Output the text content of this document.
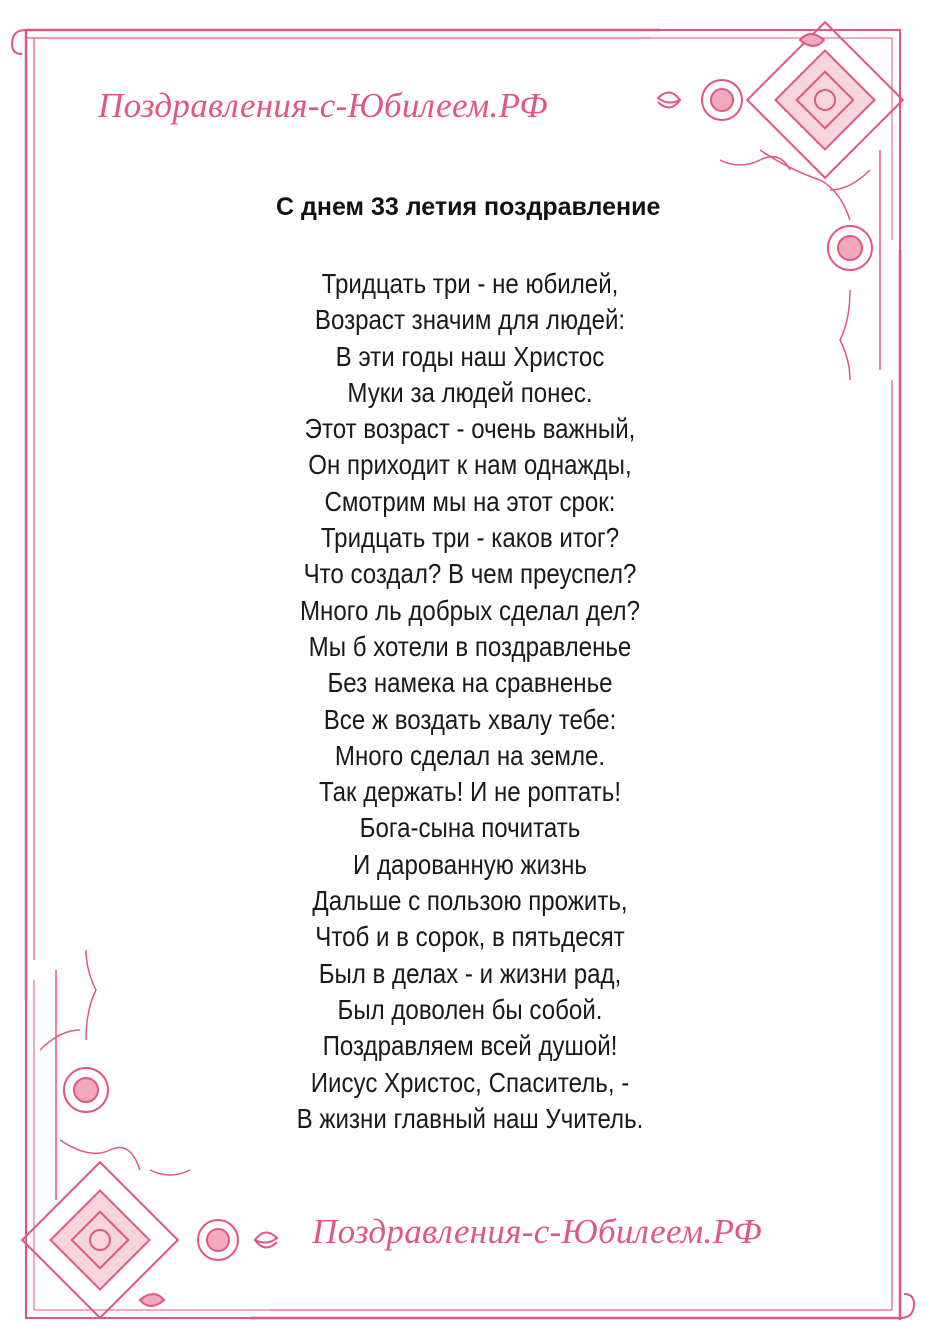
Поздравления-с-Юбилеем.РФ
С днем 33 летия поздравление
Тридцать три - не юбилей,
Возраст значим для людей:
В эти годы наш Христос
Муки за людей понес.
Этот возраст - очень важный,
Он приходит к нам однажды,
Смотрим мы на этот срок:
Тридцать три - каков итог?
Что создал? В чем преуспел?
Много ль добрых сделал дел?
Мы б хотели в поздравленье
Без намека на сравненье
Все ж воздать хвалу тебе:
Много сделал на земле.
Так держать! И не роптать!
Бога-сына почитать
И дарованную жизнь
Дальше с пользою прожить,
Чтоб и в сорок, в пятьдесят
Был в делах - и жизни рад,
Был доволен бы собой.
Поздравляем всей душой!
Иисус Христос, Спаситель, -
В жизни главный наш Учитель.
Поздравления-с-Юбилеем.РФ
